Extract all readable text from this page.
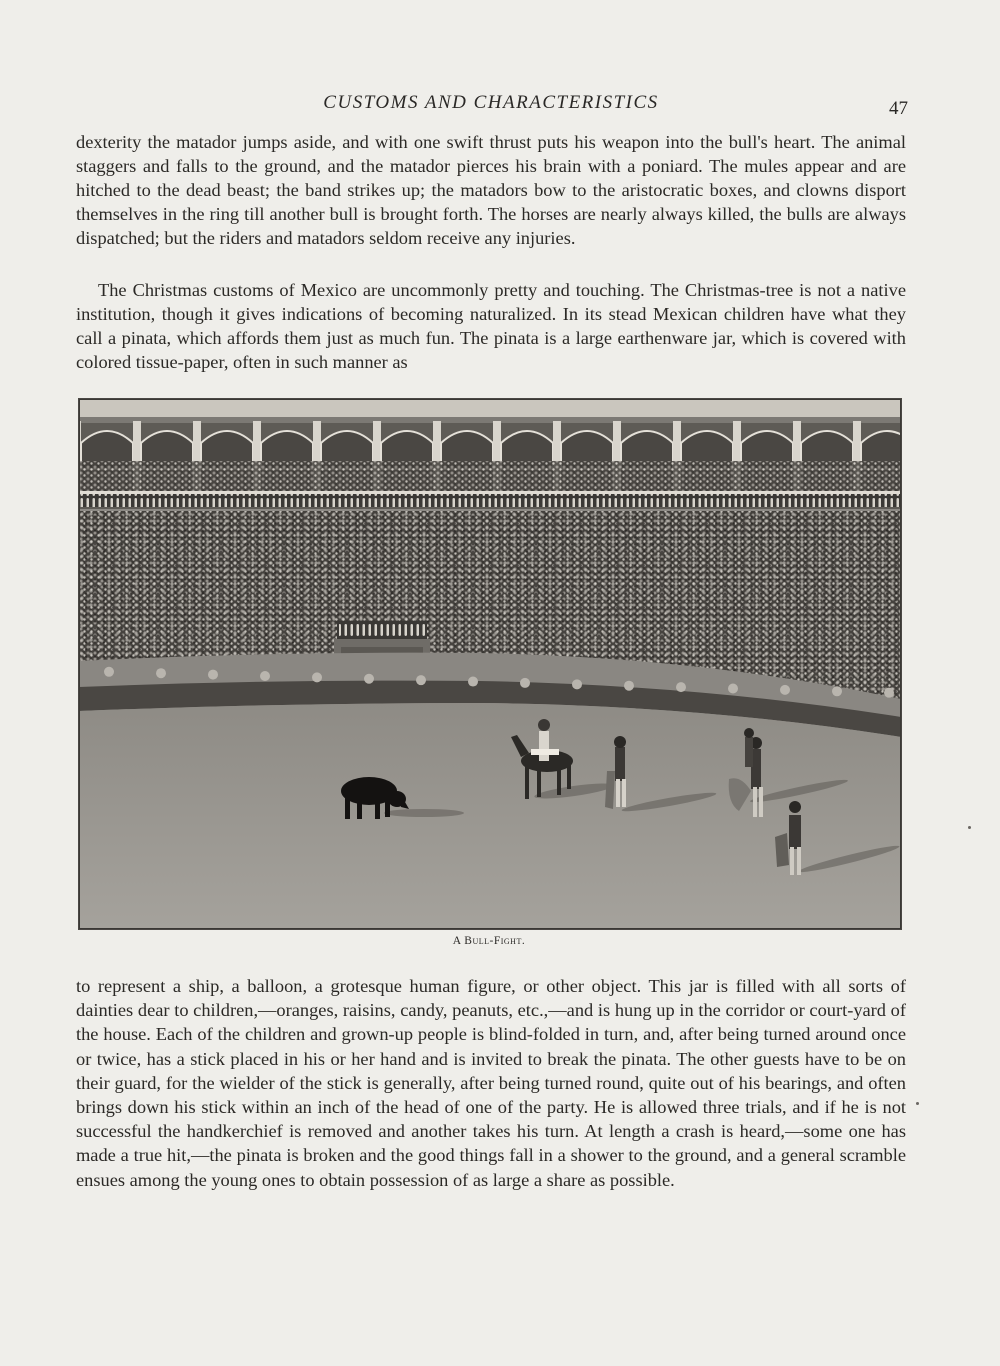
CUSTOMS AND CHARACTERISTICS	47

dexterity the matador jumps aside, and with one swift thrust puts his weapon into the bull's heart. The animal staggers and falls to the ground, and the matador pierces his brain with a poniard. The mules appear and are hitched to the dead beast; the band strikes up; the matadors bow to the aristocratic boxes, and clowns disport themselves in the ring till another bull is brought forth. The horses are nearly always killed, the bulls are always dispatched; but the riders and matadors seldom receive any injuries.

The Christmas customs of Mexico are uncommonly pretty and touching. The Christmas-tree is not a native institution, though it gives indications of becoming naturalized. In its stead Mexican children have what they call a pinata, which affords them just as much fun. The pinata is a large earthenware jar, which is covered with colored tissue-paper, often in such manner as

A Bull-Fight.

to represent a ship, a balloon, a grotesque human figure, or other object. This jar is filled with all sorts of dainties dear to children,—oranges, raisins, candy, peanuts, etc.,—and is hung up in the corridor or court-yard of the house. Each of the children and grown-up people is blind-folded in turn, and, after being turned around once or twice, has a stick placed in his or her hand and is invited to break the pinata. The other guests have to be on their guard, for the wielder of the stick is generally, after being turned round, quite out of his bearings, and often brings down his stick within an inch of the head of one of the party. He is allowed three trials, and if he is not successful the handkerchief is removed and another takes his turn. At length a crash is heard,—some one has made a true hit,—the pinata is broken and the good things fall in a shower to the ground, and a general scramble ensues among the young ones to obtain possession of as large a share as possible.
